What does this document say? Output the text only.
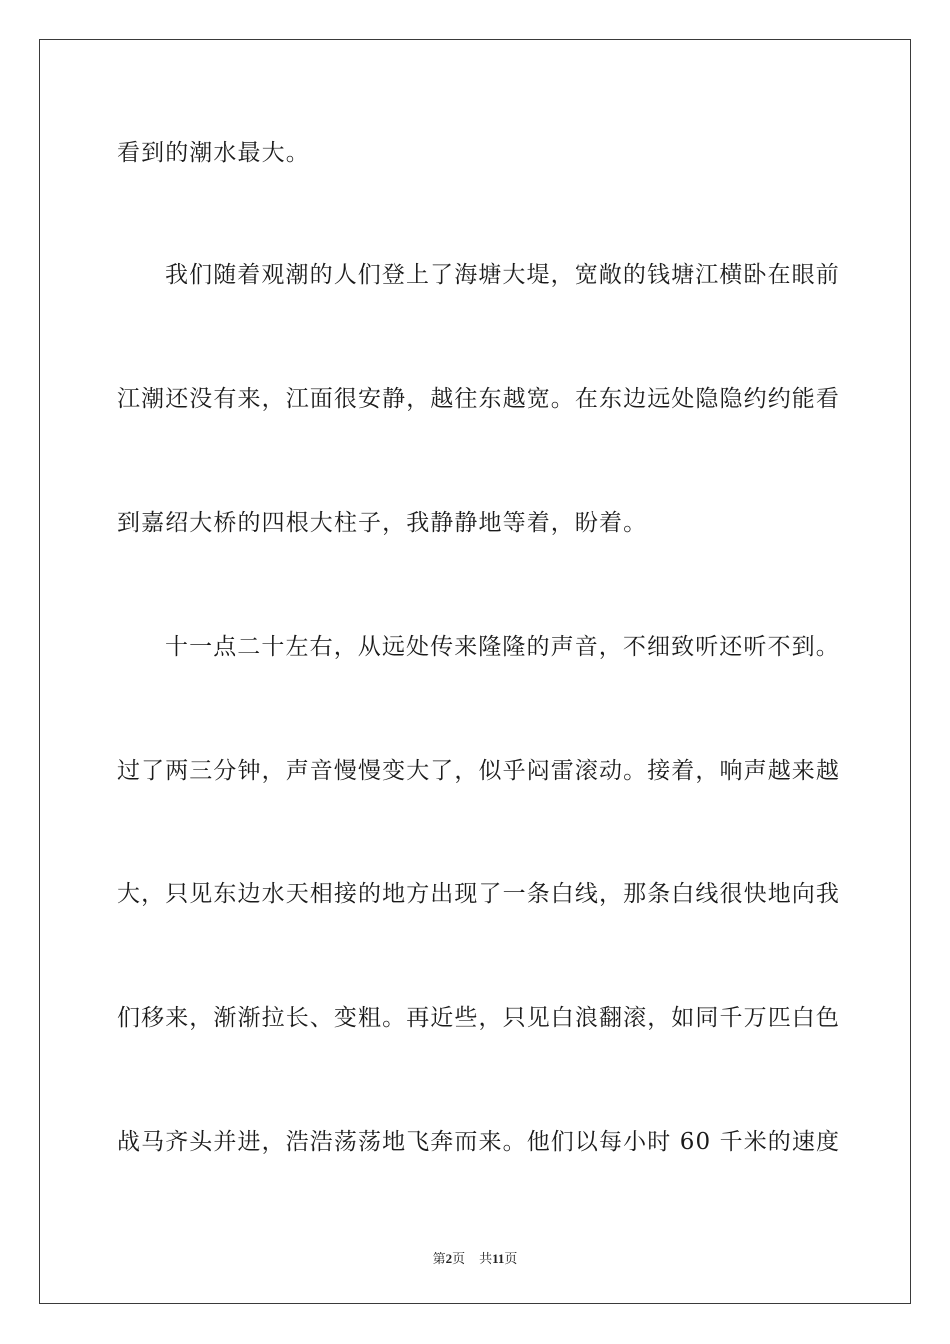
看到的潮水最大。
我们随着观潮的人们登上了海塘大堤，宽敞的钱塘江横卧在眼前
江潮还没有来，江面很安静，越往东越宽。在东边远处隐隐约约能看
到嘉绍大桥的四根大柱子，我静静地等着，盼着。
十一点二十左右，从远处传来隆隆的声音，不细致听还听不到。
过了两三分钟，声音慢慢变大了，似乎闷雷滚动。接着，响声越来越
大，只见东边水天相接的地方出现了一条白线，那条白线很快地向我
们移来，渐渐拉长、变粗。再近些，只见白浪翻滚，如同千万匹白色
战马齐头并进，浩浩荡荡地飞奔而来。他们以每小时 60 千米的速度
第2页 共11页
